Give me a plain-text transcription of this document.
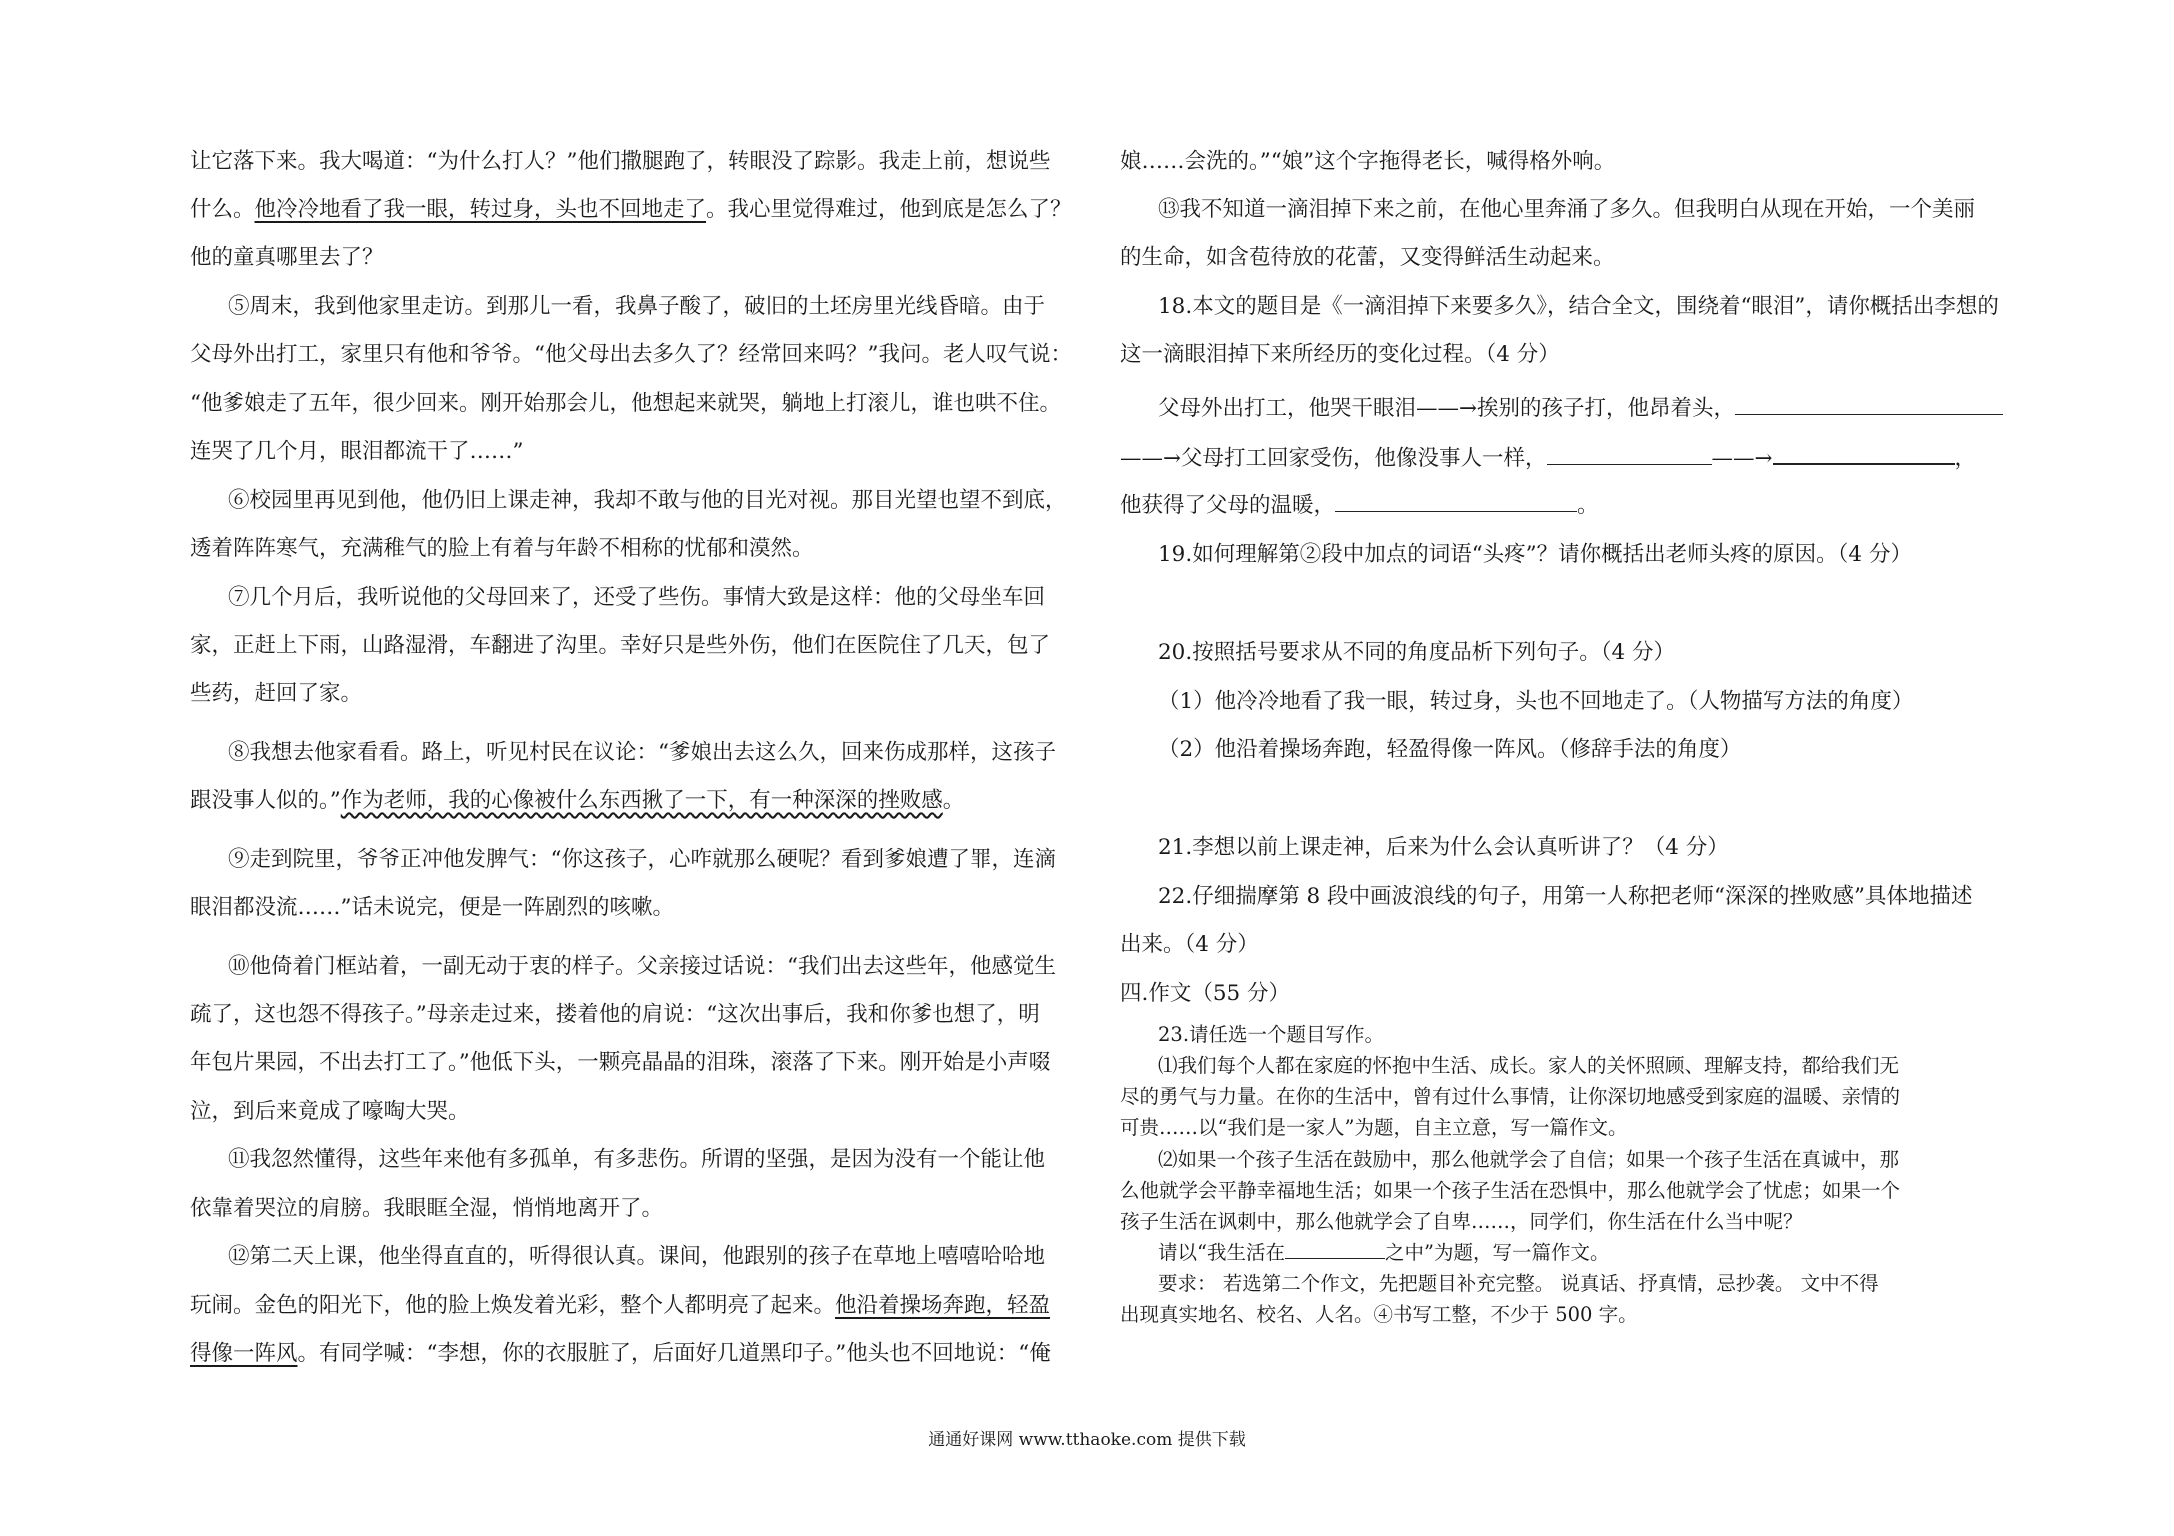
让它落下来。我大喝道：“为什么打人？”他们撒腿跑了，转眼没了踪影。我走上前，想说些
什么。他冷冷地看了我一眼，转过身，头也不回地走了。我心里觉得难过，他到底是怎么了？
他的童真哪里去了？
⑤周末，我到他家里走访。到那儿一看，我鼻子酸了，破旧的土坯房里光线昏暗。由于
父母外出打工，家里只有他和爷爷。“他父母出去多久了？经常回来吗？”我问。老人叹气说：
“他爹娘走了五年，很少回来。刚开始那会儿，他想起来就哭，躺地上打滚儿，谁也哄不住。
连哭了几个月，眼泪都流干了……”
⑥校园里再见到他，他仍旧上课走神，我却不敢与他的目光对视。那目光望也望不到底，
透着阵阵寒气，充满稚气的脸上有着与年龄不相称的忧郁和漠然。
⑦几个月后，我听说他的父母回来了，还受了些伤。事情大致是这样：他的父母坐车回
家，正赶上下雨，山路湿滑，车翻进了沟里。幸好只是些外伤，他们在医院住了几天，包了
些药，赶回了家。
⑧我想去他家看看。路上，听见村民在议论：“爹娘出去这么久，回来伤成那样，这孩子
跟没事人似的。”作为老师，我的心像被什么东西揪了一下，有一种深深的挫败感。
⑨走到院里，爷爷正冲他发脾气：“你这孩子，心咋就那么硬呢？看到爹娘遭了罪，连滴
眼泪都没流……”话未说完，便是一阵剧烈的咳嗽。
⑩他倚着门框站着，一副无动于衷的样子。父亲接过话说：“我们出去这些年，他感觉生
疏了，这也怨不得孩子。”母亲走过来，搂着他的肩说：“这次出事后，我和你爹也想了，明
年包片果园，不出去打工了。”他低下头，一颗亮晶晶的泪珠，滚落了下来。刚开始是小声啜
泣，到后来竟成了嚎啕大哭。
⑪我忽然懂得，这些年来他有多孤单，有多悲伤。所谓的坚强，是因为没有一个能让他
依靠着哭泣的肩膀。我眼眶全湿，悄悄地离开了。
⑫第二天上课，他坐得直直的，听得很认真。课间，他跟别的孩子在草地上嘻嘻哈哈地
玩闹。金色的阳光下，他的脸上焕发着光彩，整个人都明亮了起来。他沿着操场奔跑，轻盈
得像一阵风。有同学喊：“李想，你的衣服脏了，后面好几道黑印子。”他头也不回地说：“俺
娘……会洗的。”“娘”这个字拖得老长，喊得格外响。
⑬我不知道一滴泪掉下来之前，在他心里奔涌了多久。但我明白从现在开始，一个美丽
的生命，如含苞待放的花蕾，又变得鲜活生动起来。
18.本文的题目是《一滴泪掉下来要多久》，结合全文，围绕着“眼泪”，请你概括出李想的
这一滴眼泪掉下来所经历的变化过程。（4 分）
父母外出打工，他哭干眼泪——→挨别的孩子打，他昂着头，
——→父母打工回家受伤，他像没事人一样，	——→	，
他获得了父母的温暖，	。
19.如何理解第②段中加点的词语“头疼”？请你概括出老师头疼的原因。（4 分）
20.按照括号要求从不同的角度品析下列句子。（4 分）
（1）他冷冷地看了我一眼，转过身，头也不回地走了。（人物描写方法的角度）
（2）他沿着操场奔跑，轻盈得像一阵风。（修辞手法的角度）
21.李想以前上课走神，后来为什么会认真听讲了？（4 分）
22.仔细揣摩第 8 段中画波浪线的句子，用第一人称把老师“深深的挫败感”具体地描述
出来。（4 分）
四.作文（55 分）
23.请任选一个题目写作。
⑴我们每个人都在家庭的怀抱中生活、成长。家人的关怀照顾、理解支持，都给我们无
尽的勇气与力量。在你的生活中，曾有过什么事情，让你深切地感受到家庭的温暖、亲情的
可贵……以“我们是一家人”为题，自主立意，写一篇作文。
⑵如果一个孩子生活在鼓励中，那么他就学会了自信；如果一个孩子生活在真诚中，那
么他就学会平静幸福地生活；如果一个孩子生活在恐惧中，那么他就学会了忧虑；如果一个
孩子生活在讽刺中，那么他就学会了自卑……，同学们，你生活在什么当中呢？
请以“我生活在	之中”为题，写一篇作文。
要求： 若选第二个作文，先把题目补充完整。 说真话、抒真情，忌抄袭。 文中不得
出现真实地名、校名、人名。④书写工整，不少于 500 字。
通通好课网 www.tthaoke.com 提供下载
